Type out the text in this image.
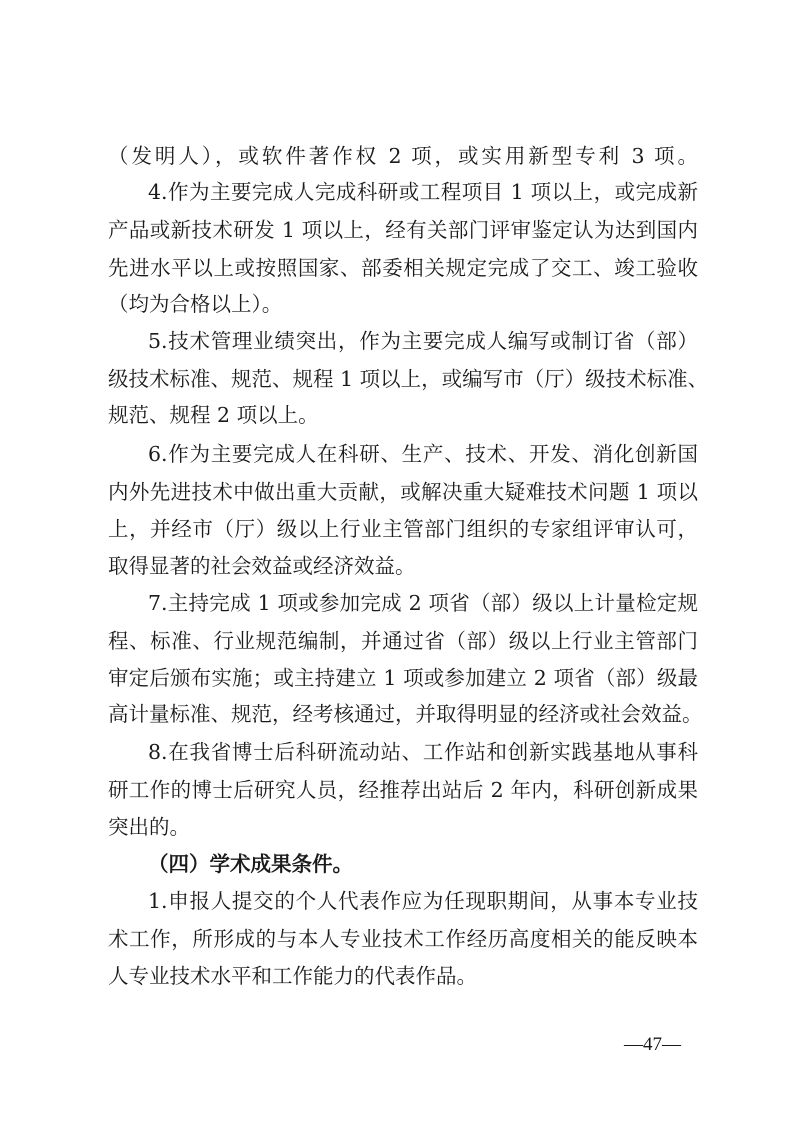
（发明人），或软件著作权 2 项，或实用新型专利 3 项。
4.作为主要完成人完成科研或工程项目 1 项以上，或完成新
产品或新技术研发 1 项以上，经有关部门评审鉴定认为达到国内
先进水平以上或按照国家、部委相关规定完成了交工、竣工验收
（均为合格以上）。
5.技术管理业绩突出，作为主要完成人编写或制订省（部）
级技术标准、规范、规程 1 项以上，或编写市（厅）级技术标准、
规范、规程 2 项以上。
6.作为主要完成人在科研、生产、技术、开发、消化创新国
内外先进技术中做出重大贡献，或解决重大疑难技术问题 1 项以
上，并经市（厅）级以上行业主管部门组织的专家组评审认可，
取得显著的社会效益或经济效益。
7.主持完成 1 项或参加完成 2 项省（部）级以上计量检定规
程、标准、行业规范编制，并通过省（部）级以上行业主管部门
审定后颁布实施；或主持建立 1 项或参加建立 2 项省（部）级最
高计量标准、规范，经考核通过，并取得明显的经济或社会效益。
8.在我省博士后科研流动站、工作站和创新实践基地从事科
研工作的博士后研究人员，经推荐出站后 2 年内，科研创新成果
突出的。
（四）学术成果条件。
1.申报人提交的个人代表作应为任现职期间，从事本专业技
术工作，所形成的与本人专业技术工作经历高度相关的能反映本
人专业技术水平和工作能力的代表作品。
—47—
